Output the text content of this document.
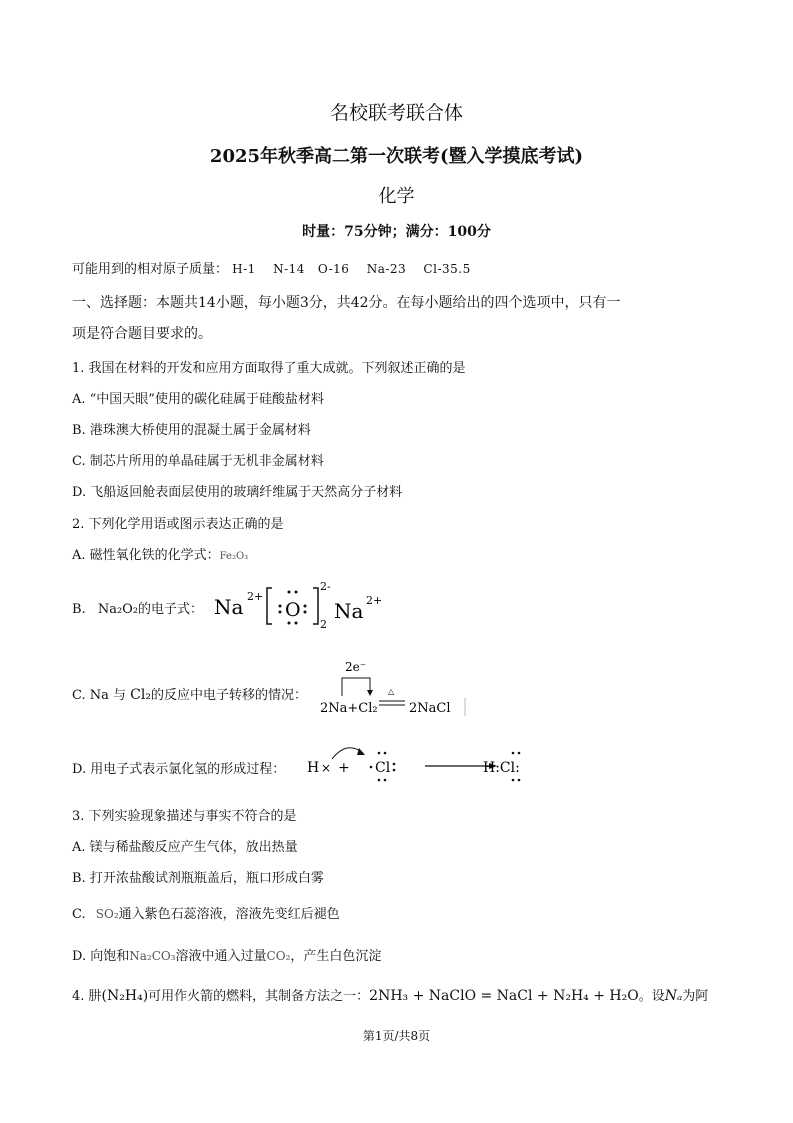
名校联考联合体
2025年秋季高二第一次联考(暨入学摸底考试)
化学
时量：75分钟；满分：100分
可能用到的相对原子质量： H-1    N-14   O-16    Na-23    Cl-35.5
一、选择题：本题共14小题，每小题3分，共42分。在每小题给出的四个选项中，只有一
项是符合题目要求的。
1. 我国在材料的开发和应用方面取得了重大成就。下列叙述正确的是
A. “中国天眼”使用的碳化硅属于硅酸盐材料
B. 港珠澳大桥使用的混凝土属于金属材料
C. 制芯片所用的单晶硅属于无机非金属材料
D. 飞船返回舱表面层使用的玻璃纤维属于天然高分子材料
2. 下列化学用语或图示表达正确的是
A. 磁性氧化铁的化学式：Fe₂O₃
B. Na₂O₂的电子式： Na 2+
O
2-
2
Na 2+
C. Na 与 Cl₂的反应中电子转移的情况：
2e⁻
△
2Na+Cl₂ 2NaCl
D. 用电子式表示氯化氢的形成过程： H × + Cl	H:Cl:
3. 下列实验现象描述与事实不符合的是
A. 镁与稀盐酸反应产生气体，放出热量
B. 打开浓盐酸试剂瓶瓶盖后，瓶口形成白雾
C. SO₂通入紫色石蕊溶液，溶液先变红后褪色
D. 向饱和Na₂CO₃溶液中通入过量CO₂，产生白色沉淀
4. 肼(N₂H₄)可用作火箭的燃料，其制备方法之一：2NH₃ + NaClO = NaCl + N₂H₄ + H₂O。设Nₐ为阿
第1页/共8页
